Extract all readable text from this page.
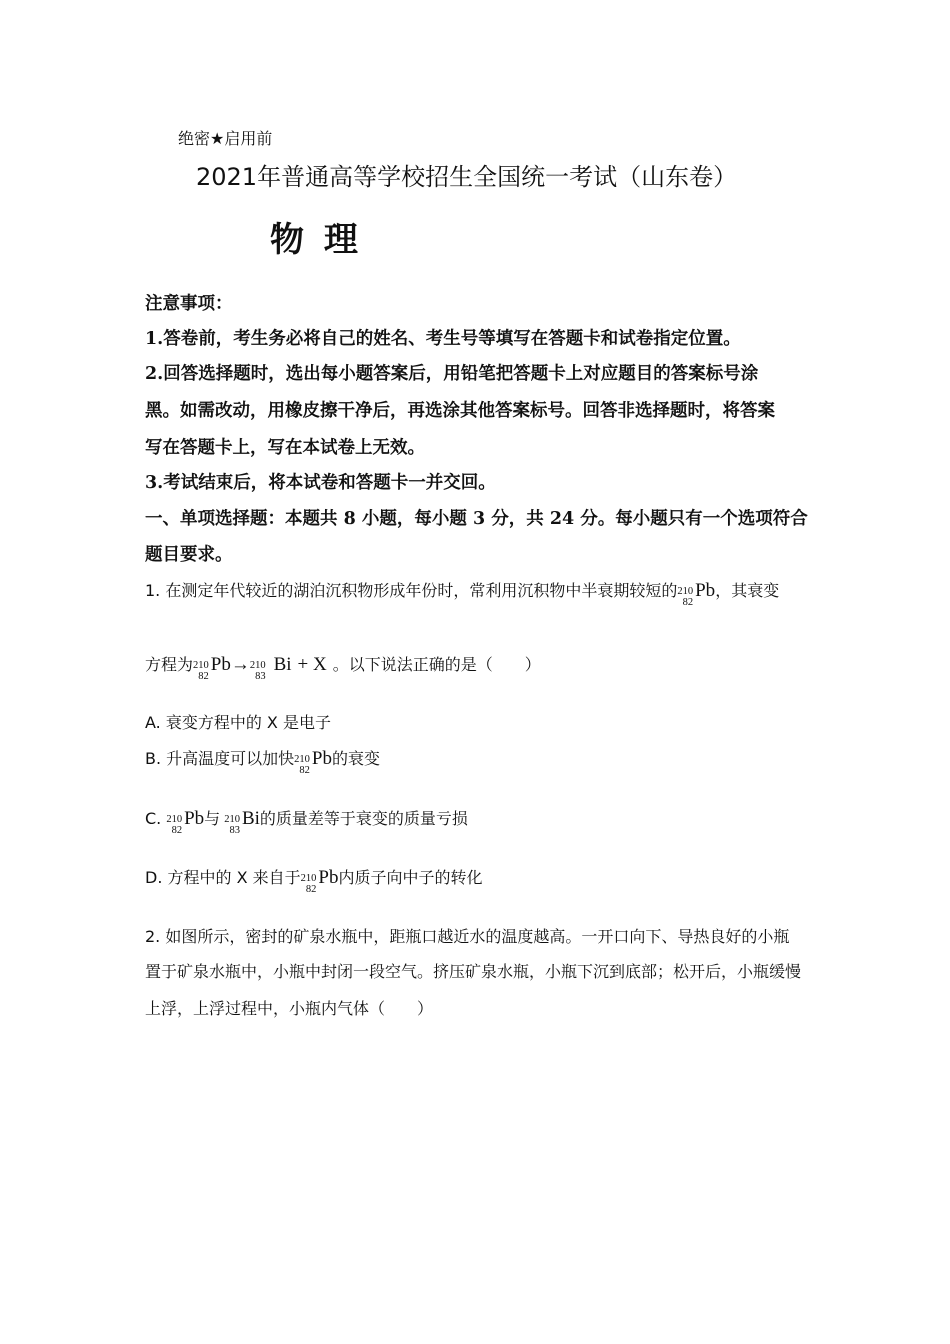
绝密★启用前
2021年普通高等学校招生全国统一考试（山东卷）
物 理
注意事项：
1.答卷前，考生务必将自己的姓名、考生号等填写在答题卡和试卷指定位置。
2.回答选择题时，选出每小题答案后，用铅笔把答题卡上对应题目的答案标号涂
黑。如需改动，用橡皮擦干净后，再选涂其他答案标号。回答非选择题时，将答案
写在答题卡上，写在本试卷上无效。
3.考试结束后，将本试卷和答题卡一并交回。
一、单项选择题：本题共 8 小题，每小题 3 分，共 24 分。每小题只有一个选项符合
题目要求。
1. 在测定年代较近的湖泊沉积物形成年份时，常利用沉积物中半衰期较短的 210
82
Pb，其衰变
方程为 210
82
Pb→ 210
83
Bi + X 。以下说法正确的是（　　）
A. 衰变方程中的 X 是电子
B. 升高温度可以加快 210
82
Pb的衰变
C. 210
82
Pb与 210
83
Bi的质量差等于衰变的质量亏损
D. 方程中的 X 来自于 210
82
Pb内质子向中子的转化
2. 如图所示，密封的矿泉水瓶中，距瓶口越近水的温度越高。一开口向下、导热良好的小瓶
置于矿泉水瓶中，小瓶中封闭一段空气。挤压矿泉水瓶，小瓶下沉到底部；松开后，小瓶缓慢
上浮，上浮过程中，小瓶内气体（　　）
